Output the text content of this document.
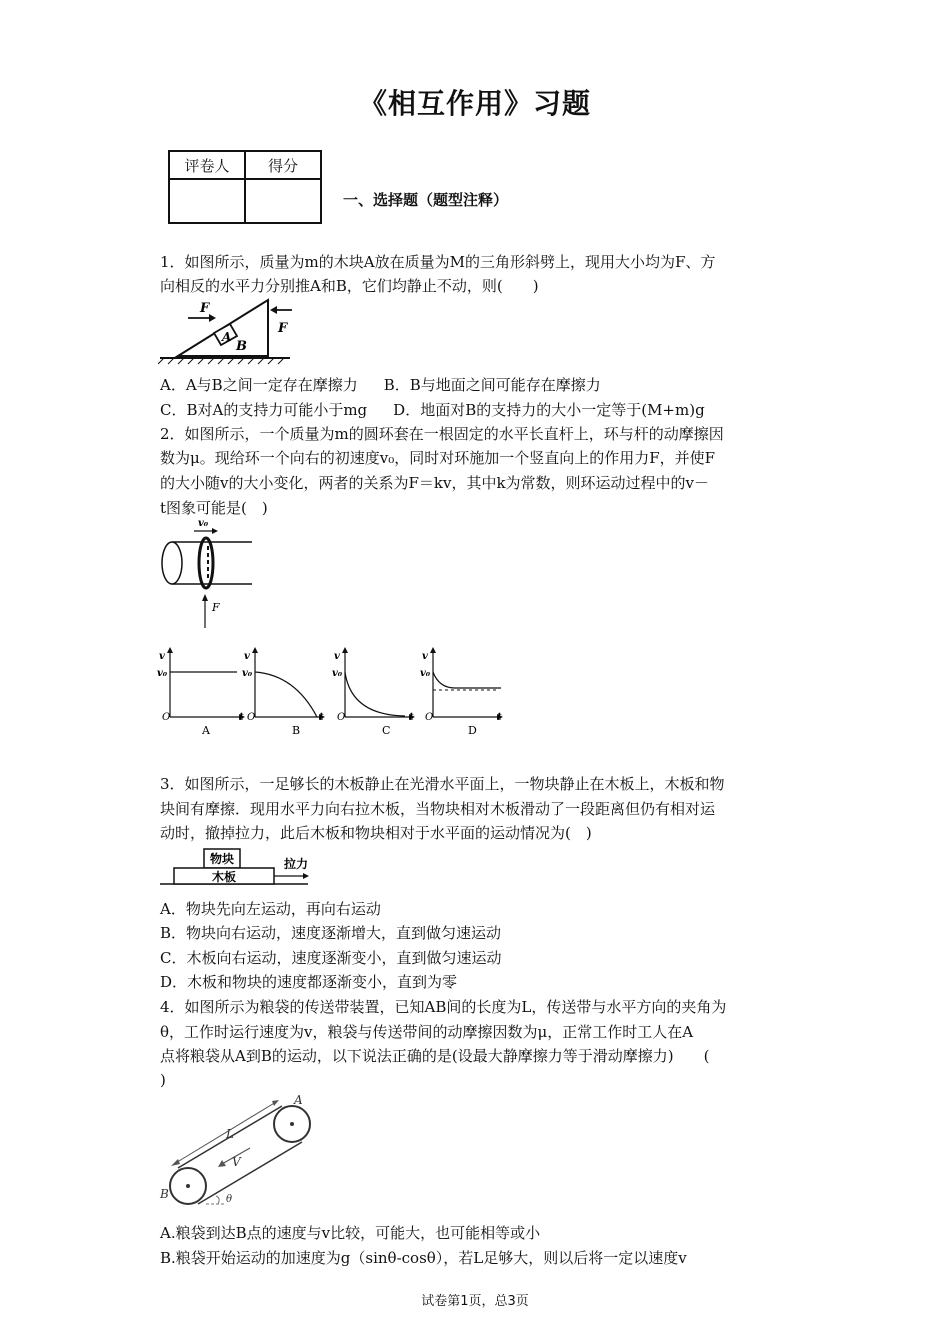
《相互作用》习题
评卷人	得分

一、选择题（题型注释）
1．如图所示，质量为m的木块A放在质量为M的三角形斜劈上，现用大小均为F、方
向相反的水平力分别推A和B，它们均静止不动，则(　　)
F
A
B
F
A．A与B之间一定存在摩擦力 B．B与地面之间可能存在摩擦力
C．B对A的支持力可能小于mg D．地面对B的支持力的大小一定等于(M+m)g
2．如图所示，一个质量为m的圆环套在一根固定的水平长直杆上，环与杆的动摩擦因
数为μ。现给环一个向右的初速度v₀，同时对环施加一个竖直向上的作用力F，并使F
的大小随v的大小变化，两者的关系为F＝kv，其中k为常数，则环运动过程中的v－
t图象可能是(　)
v₀
F
v
v₀
O	t
A
v
v₀
O	t
B
v
v₀
O	t
C
v
v₀
O	t
D
3．如图所示，一足够长的木板静止在光滑水平面上，一物块静止在木板上，木板和物
块间有摩擦．现用水平力向右拉木板，当物块相对木板滑动了一段距离但仍有相对运
动时，撤掉拉力，此后木板和物块相对于水平面的运动情况为(　)
物块
木板
拉力
A．物块先向左运动，再向右运动
B．物块向右运动，速度逐渐增大，直到做匀速运动
C．木板向右运动，速度逐渐变小，直到做匀速运动
D．木板和物块的速度都逐渐变小，直到为零
4．如图所示为粮袋的传送带装置，已知AB间的长度为L，传送带与水平方向的夹角为
θ，工作时运行速度为v，粮袋与传送带间的动摩擦因数为μ，正常工作时工人在A
点将粮袋从A到B的运动，以下说法正确的是(设最大静摩擦力等于滑动摩擦力)　　(
)
A
B
L
V
θ
A.粮袋到达B点的速度与v比较，可能大，也可能相等或小
B.粮袋开始运动的加速度为g（sinθ-cosθ），若L足够大，则以后将一定以速度v
试卷第1页，总3页
